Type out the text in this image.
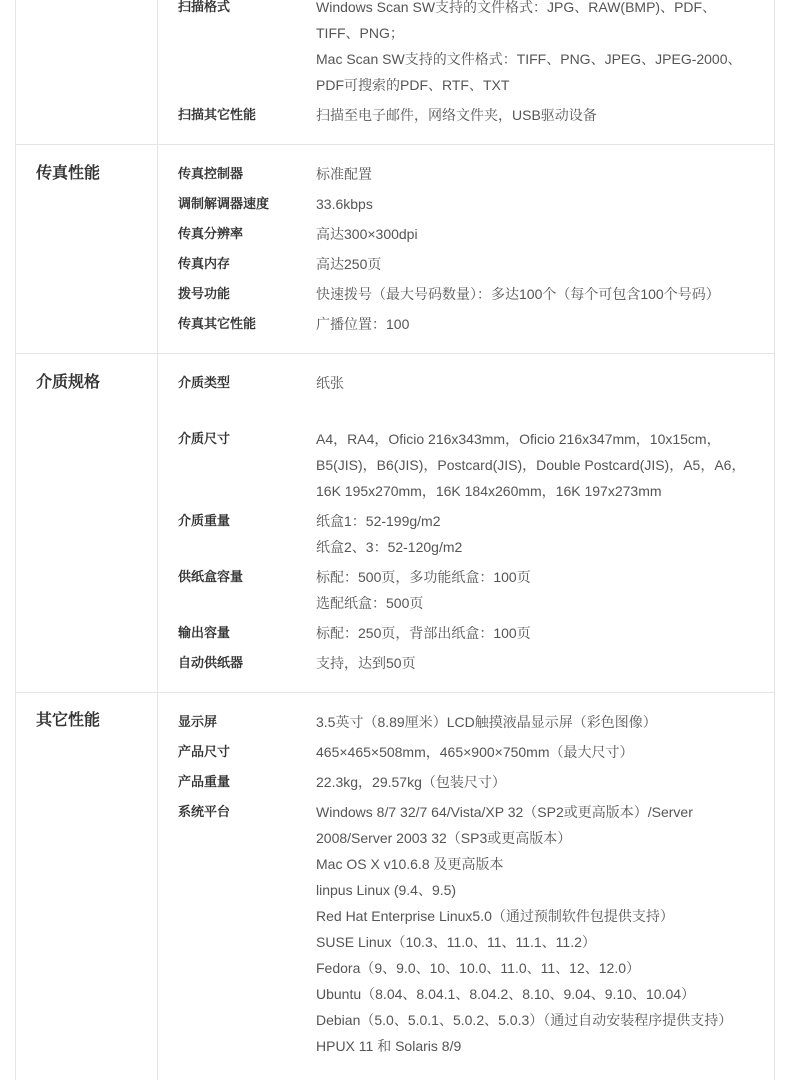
扫描格式	Windows Scan SW支持的文件格式：JPG、RAW(BMP)、PDF、
TIFF、PNG；
Mac Scan SW支持的文件格式：TIFF、PNG、JPEG、JPEG-2000、
PDF可搜索的PDF、RTF、TXT
扫描其它性能	扫描至电子邮件，网络文件夹，USB驱动设备
传真性能	传真控制器	标准配置
调制解调器速度	33.6kbps
传真分辨率	高达300×300dpi
传真内存	高达250页
拨号功能	快速拨号（最大号码数量）：多达100个（每个可包含100个号码）
传真其它性能	广播位置：100
介质规格	介质类型	纸张
介质尺寸	A4，RA4，Oficio 216x343mm，Oficio 216x347mm，10x15cm，
B5(JIS)，B6(JIS)，Postcard(JIS)，Double Postcard(JIS)，A5，A6，
16K 195x270mm，16K 184x260mm，16K 197x273mm
介质重量	纸盒1：52-199g/m2
纸盒2、3：52-120g/m2
供纸盒容量	标配：500页，多功能纸盒：100页
选配纸盒：500页
输出容量	标配：250页，背部出纸盒：100页
自动供纸器	支持，达到50页
其它性能	显示屏	3.5英寸（8.89厘米）LCD触摸液晶显示屏（彩色图像）
产品尺寸	465×465×508mm，465×900×750mm（最大尺寸）
产品重量	22.3kg，29.57kg（包装尺寸）
系统平台	Windows 8/7 32/7 64/Vista/XP 32（SP2或更高版本）/Server
2008/Server 2003 32（SP3或更高版本）
Mac OS X v10.6.8 及更高版本
linpus Linux (9.4、9.5)
Red Hat Enterprise Linux5.0（通过预制软件包提供支持）
SUSE Linux（10.3、11.0、11、11.1、11.2）
Fedora（9、9.0、10、10.0、11.0、11、12、12.0）
Ubuntu（8.04、8.04.1、8.04.2、8.10、9.04、9.10、10.04）
Debian（5.0、5.0.1、5.0.2、5.0.3）（通过自动安装程序提供支持）
HPUX 11 和 Solaris 8/9
